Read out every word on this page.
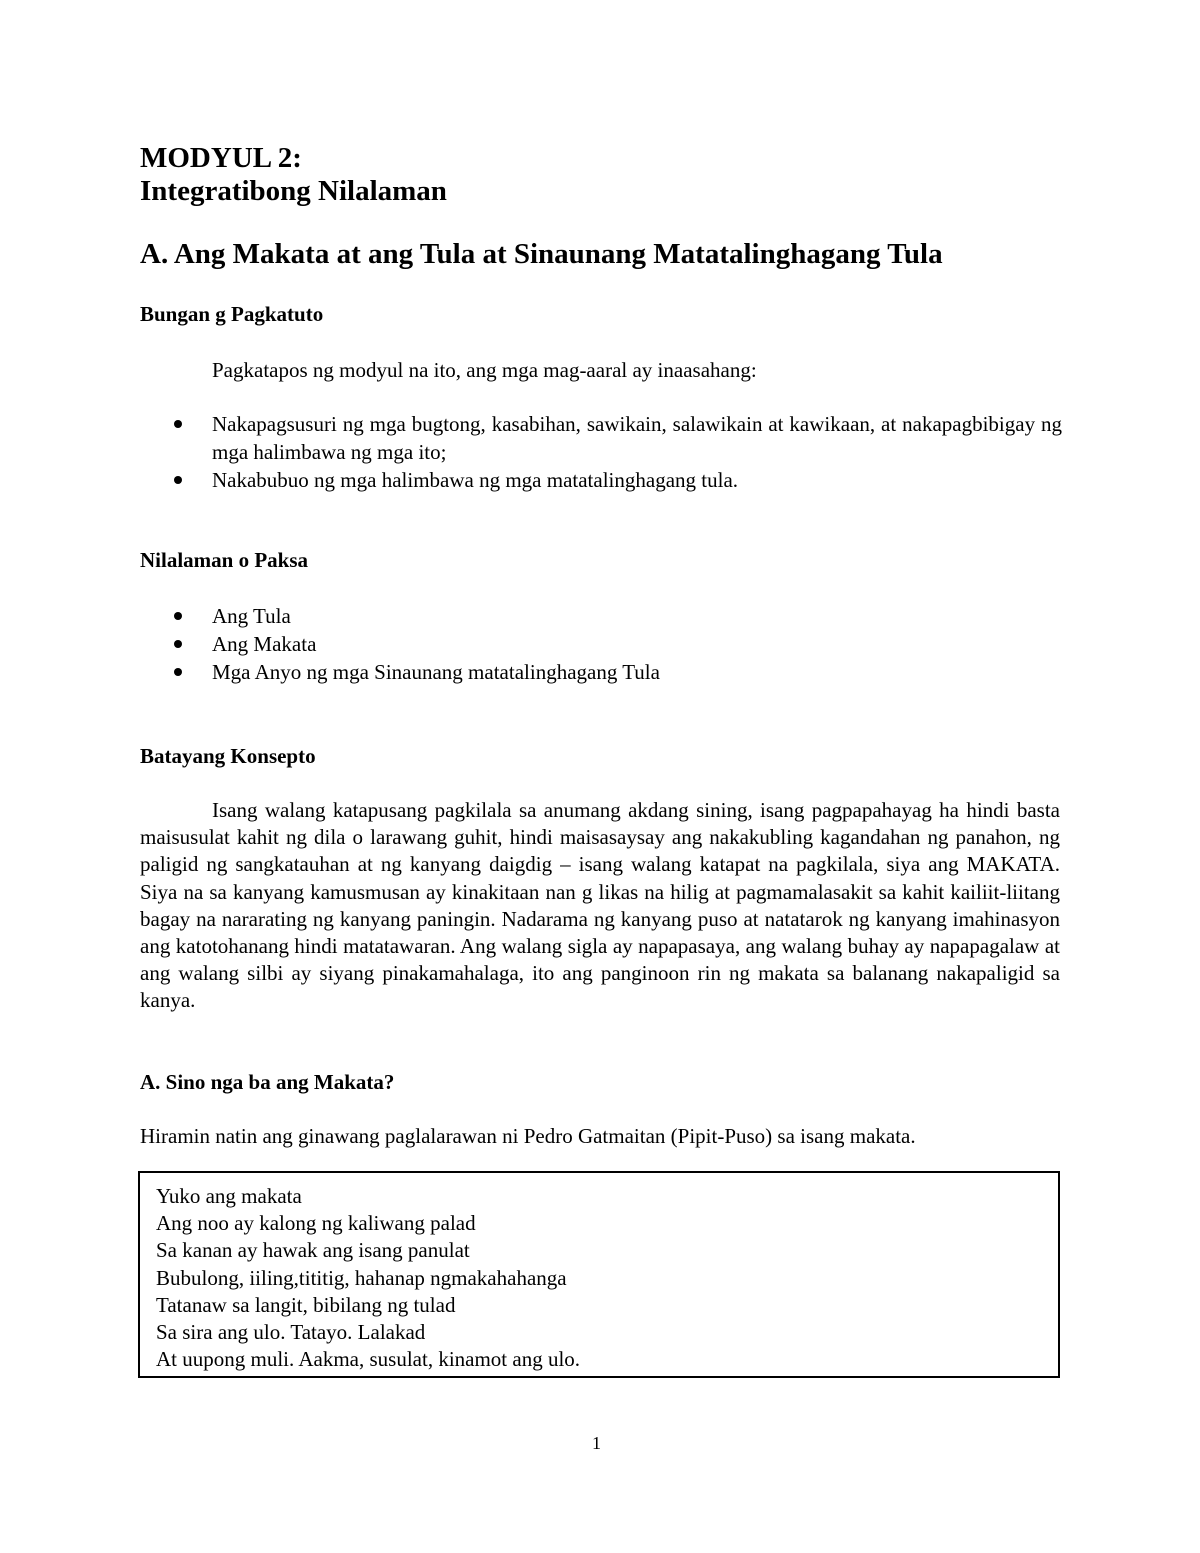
MODYUL 2:
Integratibong Nilalaman
A. Ang Makata at ang Tula at Sinaunang Matatalinghagang Tula
Bungan g Pagkatuto

Pagkatapos ng modyul na ito, ang mga mag-aaral ay inaasahang:

Nakapagsusuri ng mga bugtong, kasabihan, sawikain, salawikain at kawikaan, at nakapagbibigay ng mga halimbawa ng mga ito;
Nakabubuo ng mga halimbawa ng mga matatalinghagang tula.
Nilalaman o Paksa
Ang Tula
Ang Makata
Mga Anyo ng mga Sinaunang matatalinghagang Tula
Batayang Konsepto

Isang walang katapusang pagkilala sa anumang akdang sining, isang pagpapahayag ha hindi basta maisusulat kahit ng dila o larawang guhit, hindi maisasaysay ang nakakubling kagandahan ng panahon, ng paligid ng sangkatauhan at ng kanyang daigdig – isang walang katapat na pagkilala, siya ang MAKATA. Siya na sa kanyang kamusmusan ay kinakitaan nan g likas na hilig at pagmamalasakit sa kahit kailiit-liitang bagay na nararating ng kanyang paningin. Nadarama ng kanyang puso at natatarok ng kanyang imahinasyon ang katotohanang hindi matatawaran. Ang walang sigla ay napapasaya, ang walang buhay ay napapagalaw at ang walang silbi ay siyang pinakamahalaga, ito ang panginoon rin ng makata sa balanang nakapaligid sa kanya.

A. Sino nga ba ang Makata?

Hiramin natin ang ginawang paglalarawan ni Pedro Gatmaitan (Pipit-Puso) sa isang makata.

Yuko ang makata
Ang noo ay kalong ng kaliwang palad
Sa kanan ay hawak ang isang panulat
Bubulong, iiling,tititig, hahanap ngmakahahanga
Tatanaw sa langit, bibilang ng tulad
Sa sira ang ulo. Tatayo. Lalakad
At uupong muli. Aakma, susulat, kinamot ang ulo.
1
